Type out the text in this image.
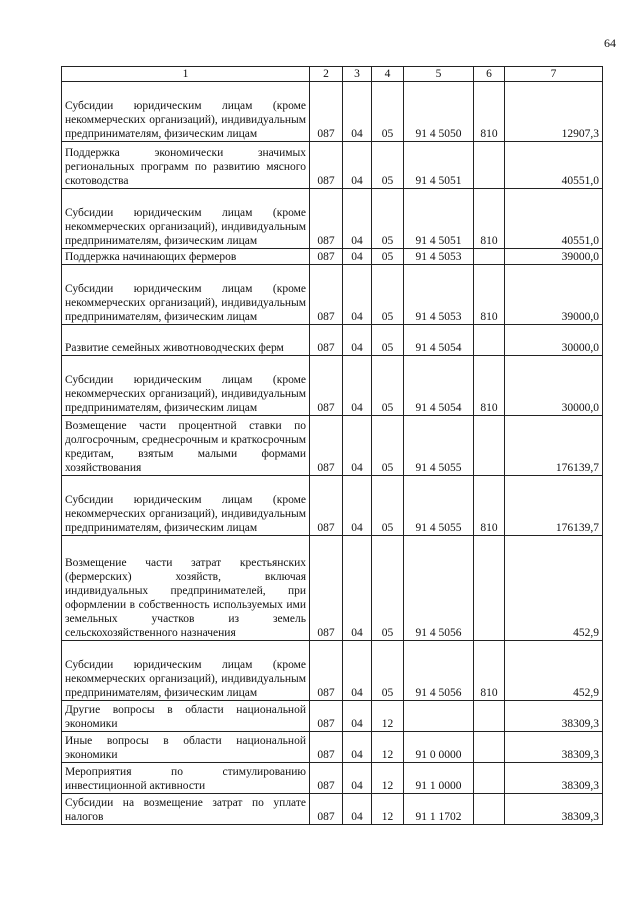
64
1	2	3	4	5	6	7
Субсидии юридическим лицам (кроме некоммерческих организаций), индивидуальным предпринимателям, физическим лицам	087	04	05	91 4 5050	810	12907,3
Поддержка экономически значимых региональных программ по развитию мясного скотоводства	087	04	05	91 4 5051		40551,0
Субсидии юридическим лицам (кроме некоммерческих организаций), индивидуальным предпринимателям, физическим лицам	087	04	05	91 4 5051	810	40551,0
Поддержка начинающих фермеров	087	04	05	91 4 5053		39000,0
Субсидии юридическим лицам (кроме некоммерческих организаций), индивидуальным предпринимателям, физическим лицам	087	04	05	91 4 5053	810	39000,0
Развитие семейных животноводческих ферм	087	04	05	91 4 5054		30000,0
Субсидии юридическим лицам (кроме некоммерческих организаций), индивидуальным предпринимателям, физическим лицам	087	04	05	91 4 5054	810	30000,0
Возмещение части процентной ставки по долгосрочным, среднесрочным и краткосрочным кредитам, взятым малыми формами хозяйствования	087	04	05	91 4 5055		176139,7
Субсидии юридическим лицам (кроме некоммерческих организаций), индивидуальным предпринимателям, физическим лицам	087	04	05	91 4 5055	810	176139,7
Возмещение части затрат крестьянских (фермерских) хозяйств, включая индивидуальных предпринимателей, при оформлении в собственность используемых ими земельных участков из земель сельскохозяйственного назначения	087	04	05	91 4 5056		452,9
Субсидии юридическим лицам (кроме некоммерческих организаций), индивидуальным предпринимателям, физическим лицам	087	04	05	91 4 5056	810	452,9
Другие вопросы в области национальной экономики	087	04	12			38309,3
Иные вопросы в области национальной экономики	087	04	12	91 0 0000		38309,3
Мероприятия по стимулированию инвестиционной активности	087	04	12	91 1 0000		38309,3
Субсидии на возмещение затрат по уплате налогов	087	04	12	91 1 1702		38309,3
